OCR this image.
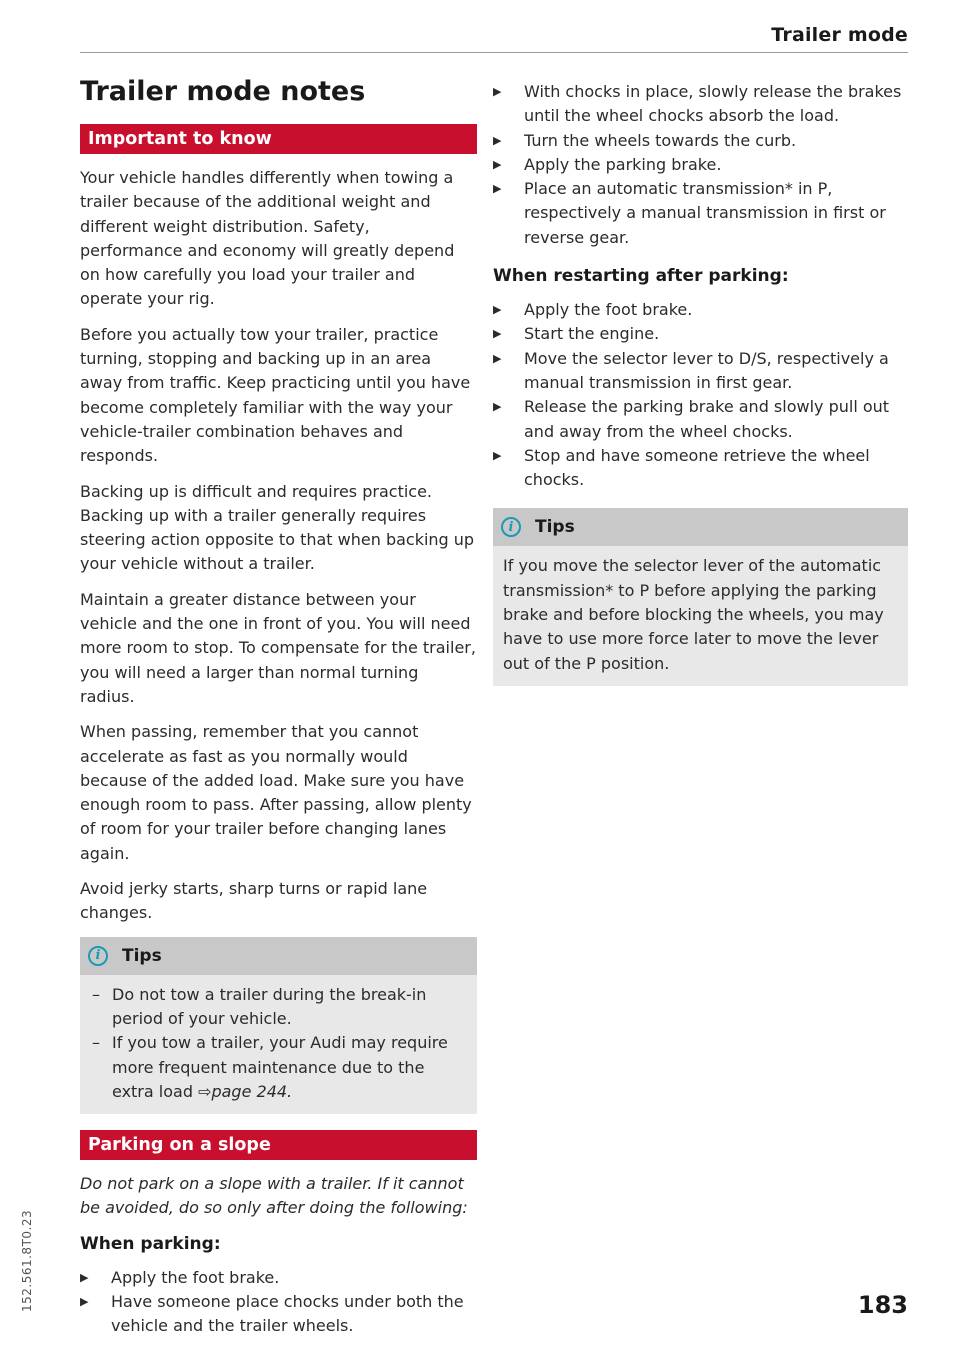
Trailer mode
Trailer mode notes
Important to know

Your vehicle handles differently when towing a trailer because of the additional weight and different weight distribution. Safety, performance and economy will greatly depend on how carefully you load your trailer and operate your rig.

Before you actually tow your trailer, practice turning, stopping and backing up in an area away from traffic. Keep practicing until you have become completely familiar with the way your vehicle-trailer combination behaves and responds.

Backing up is difficult and requires practice. Backing up with a trailer generally requires steering action opposite to that when backing up your vehicle without a trailer.

Maintain a greater distance between your vehicle and the one in front of you. You will need more room to stop. To compensate for the trailer, you will need a larger than normal turning radius.

When passing, remember that you cannot accelerate as fast as you normally would because of the added load. Make sure you have enough room to pass. After passing, allow plenty of room for your trailer before changing lanes again.

Avoid jerky starts, sharp turns or rapid lane changes.

i	Tips
– Do not tow a trailer during the break-in period of your vehicle.
– If you tow a trailer, your Audi may require more frequent maintenance due to the extra load ⇨page 244.
Parking on a slope

Do not park on a slope with a trailer. If it cannot be avoided, do so only after doing the following:

When parking:
▶ Apply the foot brake.
▶ Have someone place chocks under both the vehicle and the trailer wheels.
▶ With chocks in place, slowly release the brakes until the wheel chocks absorb the load.
▶ Turn the wheels towards the curb.
▶ Apply the parking brake.
▶ Place an automatic transmission* in P, respectively a manual transmission in first or reverse gear.
When restarting after parking:
▶ Apply the foot brake.
▶ Start the engine.
▶ Move the selector lever to D/S, respectively a manual transmission in first gear.
▶ Release the parking brake and slowly pull out and away from the wheel chocks.
▶ Stop and have someone retrieve the wheel chocks.
i	Tips

If you move the selector lever of the automatic transmission* to P before applying the parking brake and before blocking the wheels, you may have to use more force later to move the lever out of the P position.

152.561.8T0.23	183
